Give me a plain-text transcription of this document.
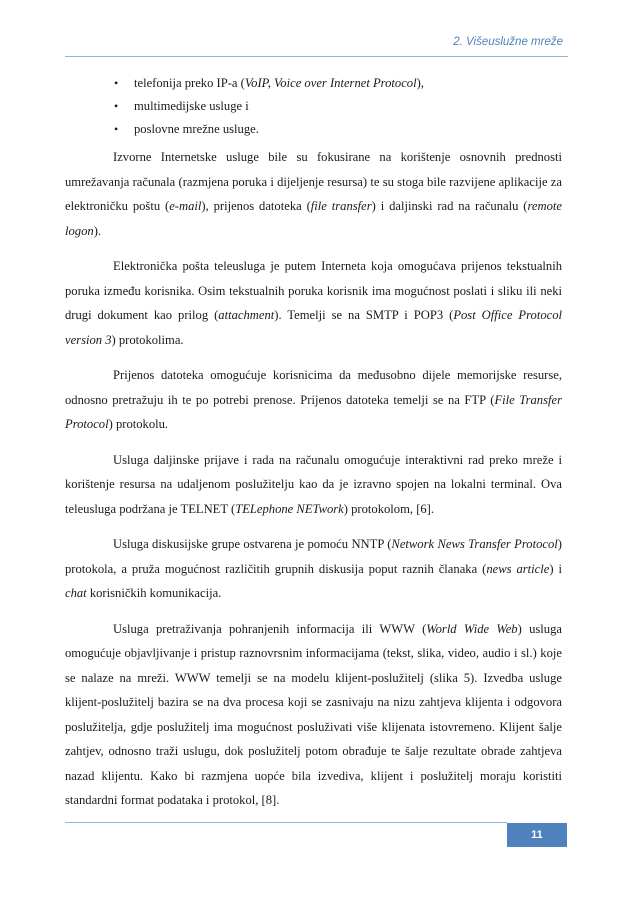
2. Višeuslužne mreže
• telefonija preko IP-a (VoIP, Voice over Internet Protocol),
• multimedijske usluge i
• poslovne mrežne usluge.

Izvorne Internetske usluge bile su fokusirane na korištenje osnovnih prednosti umrežavanja računala (razmjena poruka i dijeljenje resursa) te su stoga bile razvijene aplikacije za elektroničku poštu (e-mail), prijenos datoteka (file transfer) i daljinski rad na računalu (remote logon).

Elektronička pošta teleusluga je putem Interneta koja omogućava prijenos tekstualnih poruka između korisnika. Osim tekstualnih poruka korisnik ima mogućnost poslati i sliku ili neki drugi dokument kao prilog (attachment). Temelji se na SMTP i POP3 (Post Office Protocol version 3) protokolima.

Prijenos datoteka omogućuje korisnicima da međusobno dijele memorijske resurse, odnosno pretražuju ih te po potrebi prenose. Prijenos datoteka temelji se na FTP (File Transfer Protocol) protokolu.

Usluga daljinske prijave i rada na računalu omogućuje interaktivni rad preko mreže i korištenje resursa na udaljenom poslužitelju kao da je izravno spojen na lokalni terminal. Ova teleusluga podržana je TELNET (TELephone NETwork) protokolom, [6].

Usluga diskusijske grupe ostvarena je pomoću NNTP (Network News Transfer Protocol) protokola, a pruža mogućnost različitih grupnih diskusija poput raznih članaka (news article) i chat korisničkih komunikacija.

Usluga pretraživanja pohranjenih informacija ili WWW (World Wide Web) usluga omogućuje objavljivanje i pristup raznovrsnim informacijama (tekst, slika, video, audio i sl.) koje se nalaze na mreži. WWW temelji se na modelu klijent-poslužitelj (slika 5). Izvedba usluge klijent-poslužitelj bazira se na dva procesa koji se zasnivaju na nizu zahtjeva klijenta i odgovora poslužitelja, gdje poslužitelj ima mogućnost posluživati više klijenata istovremeno. Klijent šalje zahtjev, odnosno traži uslugu, dok poslužitelj potom obrađuje te šalje rezultate obrade zahtjeva nazad klijentu. Kako bi razmjena uopće bila izvediva, klijent i poslužitelj moraju koristiti standardni format podataka i protokol, [8].

11
